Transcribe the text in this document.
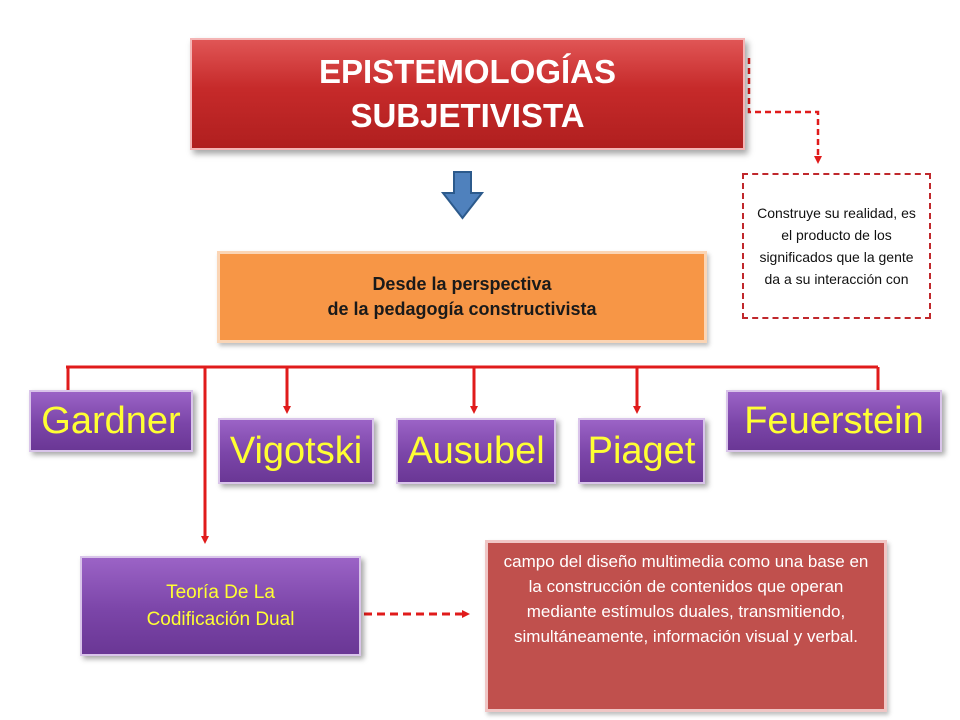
EPISTEMOLOGÍAS
SUBJETIVISTA
Construye su realidad, es el producto de los significados que la gente da a su interacción con
Desde la perspectiva
de la pedagogía constructivista
Gardner
Vigotski Ausubel Piaget
Feuerstein
Teoría De La
Codificación Dual
campo del diseño multimedia como una base en la construcción de contenidos que operan mediante estímulos duales, transmitiendo, simultáneamente, información visual y verbal.
